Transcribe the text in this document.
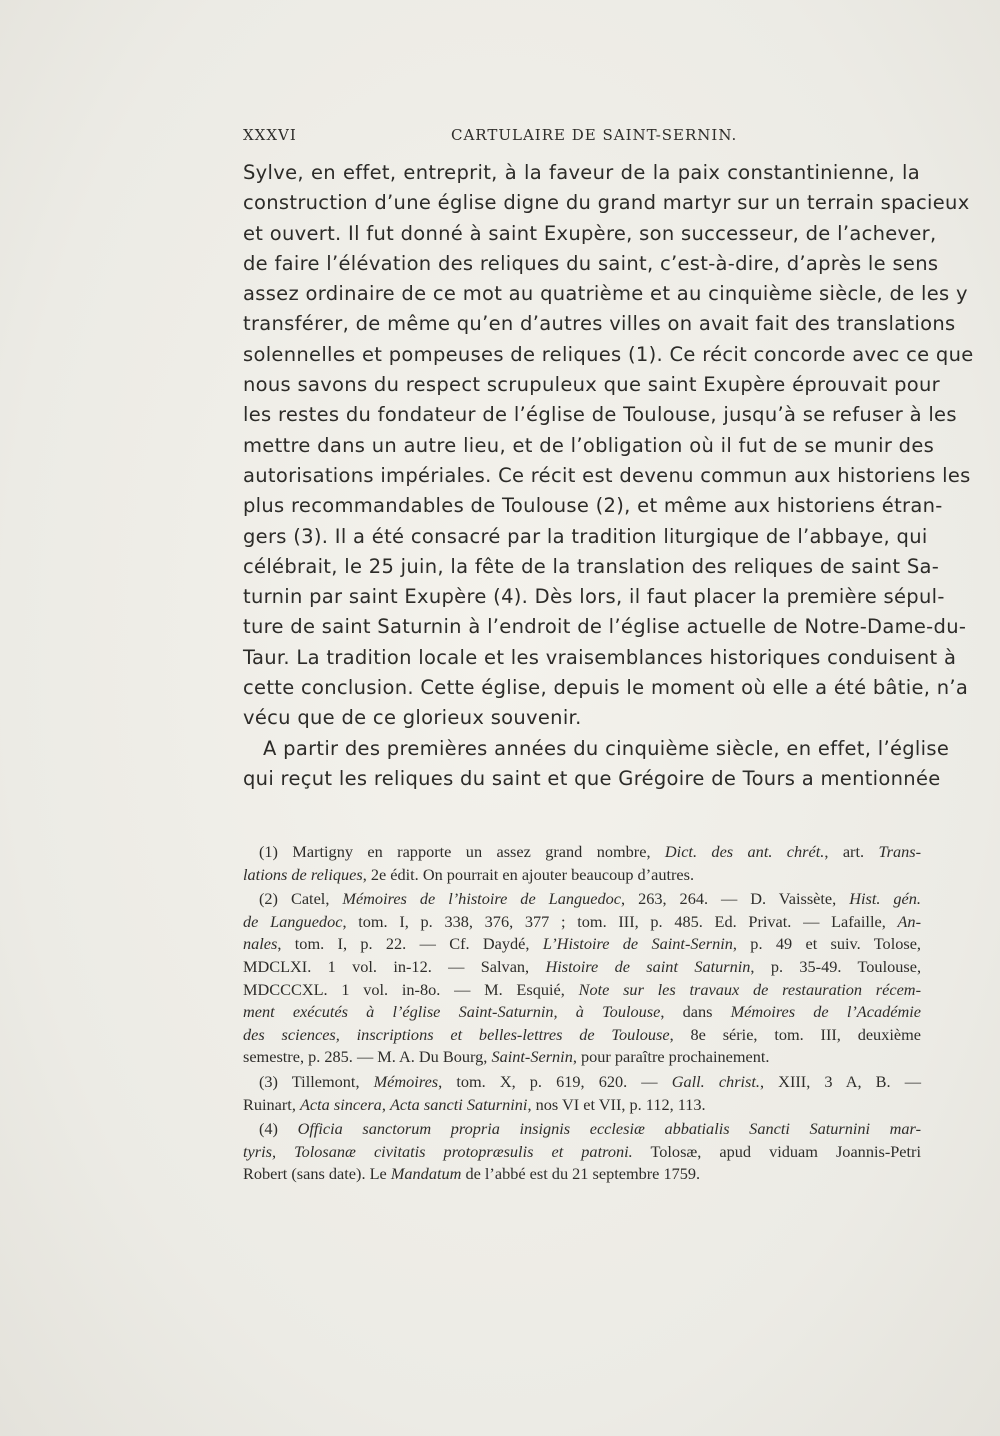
XXXVI	CARTULAIRE DE SAINT-SERNIN.
Sylve, en effet, entreprit, à la faveur de la paix constantinienne, la
construction d’une église digne du grand martyr sur un terrain spacieux
et ouvert. Il fut donné à saint Exupère, son successeur, de l’achever,
de faire l’élévation des reliques du saint, c’est-à-dire, d’après le sens
assez ordinaire de ce mot au quatrième et au cinquième siècle, de les y
transférer, de même qu’en d’autres villes on avait fait des translations
solennelles et pompeuses de reliques (1). Ce récit concorde avec ce que
nous savons du respect scrupuleux que saint Exupère éprouvait pour
les restes du fondateur de l’église de Toulouse, jusqu’à se refuser à les
mettre dans un autre lieu, et de l’obligation où il fut de se munir des
autorisations impériales. Ce récit est devenu commun aux historiens les
plus recommandables de Toulouse (2), et même aux historiens étran-
gers (3). Il a été consacré par la tradition liturgique de l’abbaye, qui
célébrait, le 25 juin, la fête de la translation des reliques de saint Sa-
turnin par saint Exupère (4). Dès lors, il faut placer la première sépul-
ture de saint Saturnin à l’endroit de l’église actuelle de Notre-Dame-du-
Taur. La tradition locale et les vraisemblances historiques conduisent à
cette conclusion. Cette église, depuis le moment où elle a été bâtie, n’a
vécu que de ce glorieux souvenir.
A partir des premières années du cinquième siècle, en effet, l’église
qui reçut les reliques du saint et que Grégoire de Tours a mentionnée
(1) Martigny en rapporte un assez grand nombre, Dict. des ant. chrét., art. Trans-
lations de reliques, 2e édit. On pourrait en ajouter beaucoup d’autres.
(2) Catel, Mémoires de l’histoire de Languedoc, 263, 264. — D. Vaissète, Hist. gén.
de Languedoc, tom. I, p. 338, 376, 377 ; tom. III, p. 485. Ed. Privat. — Lafaille, An-
nales, tom. I, p. 22. — Cf. Daydé, L’Histoire de Saint-Sernin, p. 49 et suiv. Tolose,
MDCLXI. 1 vol. in-12. — Salvan, Histoire de saint Saturnin, p. 35-49. Toulouse,
MDCCCXL. 1 vol. in-8o. — M. Esquié, Note sur les travaux de restauration récem-
ment exécutés à l’église Saint-Saturnin, à Toulouse, dans Mémoires de l’Académie
des sciences, inscriptions et belles-lettres de Toulouse, 8e série, tom. III, deuxième
semestre, p. 285. — M. A. Du Bourg, Saint-Sernin, pour paraître prochainement.
(3) Tillemont, Mémoires, tom. X, p. 619, 620. — Gall. christ., XIII, 3 A, B. —
Ruinart, Acta sincera, Acta sancti Saturnini, nos VI et VII, p. 112, 113.
(4) Officia sanctorum propria insignis ecclesiæ abbatialis Sancti Saturnini mar-
tyris, Tolosanæ civitatis protopræsulis et patroni. Tolosæ, apud viduam Joannis-Petri
Robert (sans date). Le Mandatum de l’abbé est du 21 septembre 1759.
